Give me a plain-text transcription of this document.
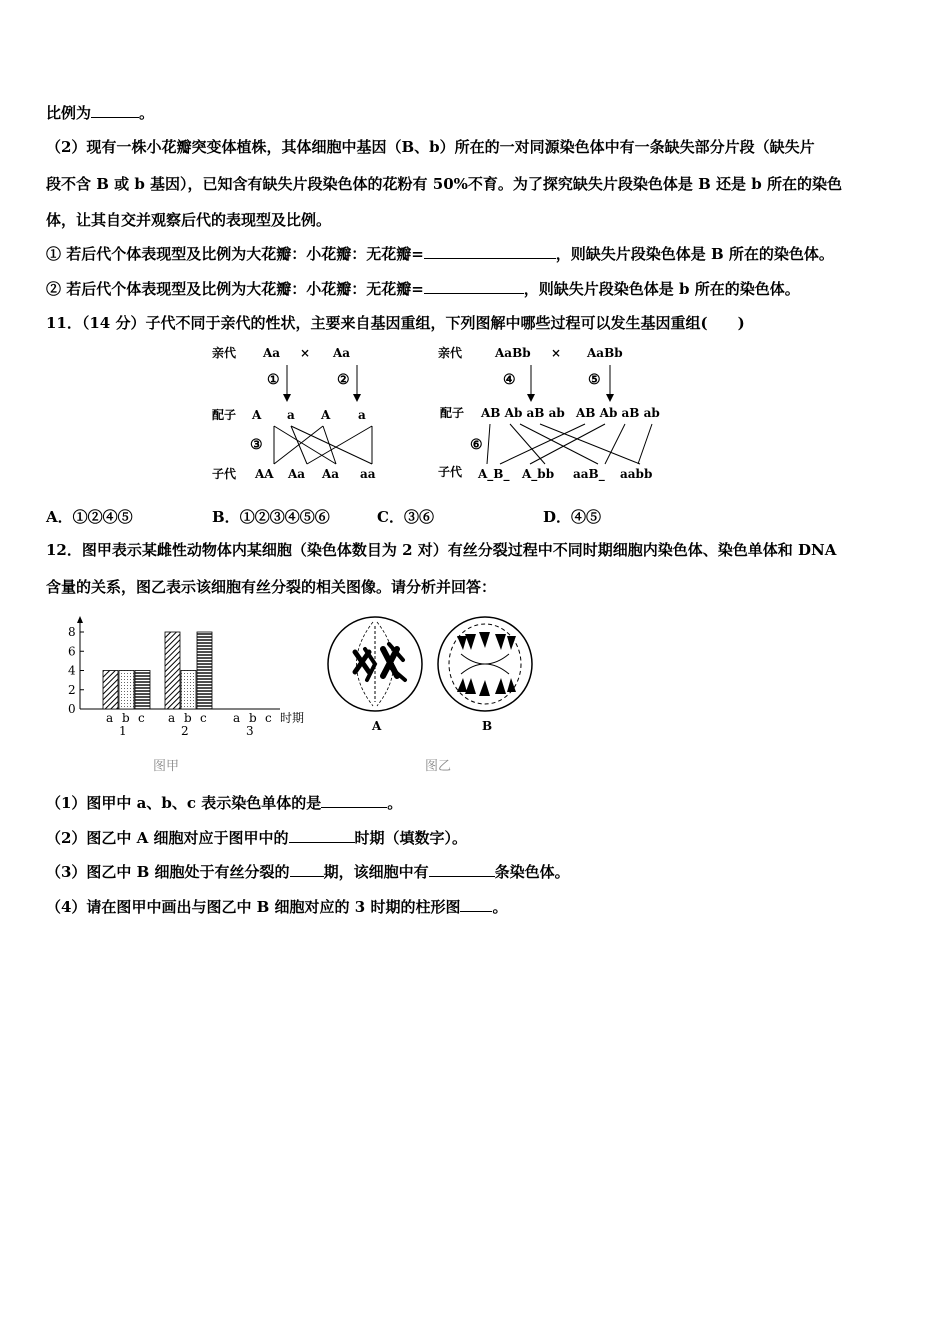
比例为	。
（2）现有一株小花瓣突变体植株，其体细胞中基因（B、b）所在的一对同源染色体中有一条缺失部分片段（缺失片
段不含 B 或 b 基因），已知含有缺失片段染色体的花粉有 50%不育。为了探究缺失片段染色体是 B 还是 b 所在的染色
体，让其自交并观察后代的表现型及比例。
① 若后代个体表现型及比例为大花瓣：小花瓣：无花瓣=	，则缺失片段染色体是 B 所在的染色体。
② 若后代个体表现型及比例为大花瓣：小花瓣：无花瓣=	，则缺失片段染色体是 b 所在的染色体。
11．（14 分）子代不同于亲代的性状，主要来自基因重组，下列图解中哪些过程可以发生基因重组(　　)
亲代 Aa × Aa
①	②
配子 A a A a
③
子代 AA Aa Aa aa
亲代	AaBb × AaBb
④	⑤
配子 AB Ab aB ab AB Ab aB ab
⑥
子代 A_B_ A_bb aaB_ aabb
A．①②④⑤	B．①②③④⑤⑥	C．③⑥	D．④⑤
12．图甲表示某雌性动物体内某细胞（染色体数目为 2 对）有丝分裂过程中不同时期细胞内染色体、染色单体和 DNA
含量的关系，图乙表示该细胞有丝分裂的相关图像。请分析并回答：
0
2
4
6
8
时期
a b c
1
a b c
2
a b c
3
图甲
A	B
图乙
（1）图甲中 a、b、c 表示染色单体的是	。
（2）图乙中 A 细胞对应于图甲中的	时期（填数字）。
（3）图乙中 B 细胞处于有丝分裂的 期，该细胞中有	条染色体。
（4）请在图甲中画出与图乙中 B 细胞对应的 3 时期的柱形图 。
